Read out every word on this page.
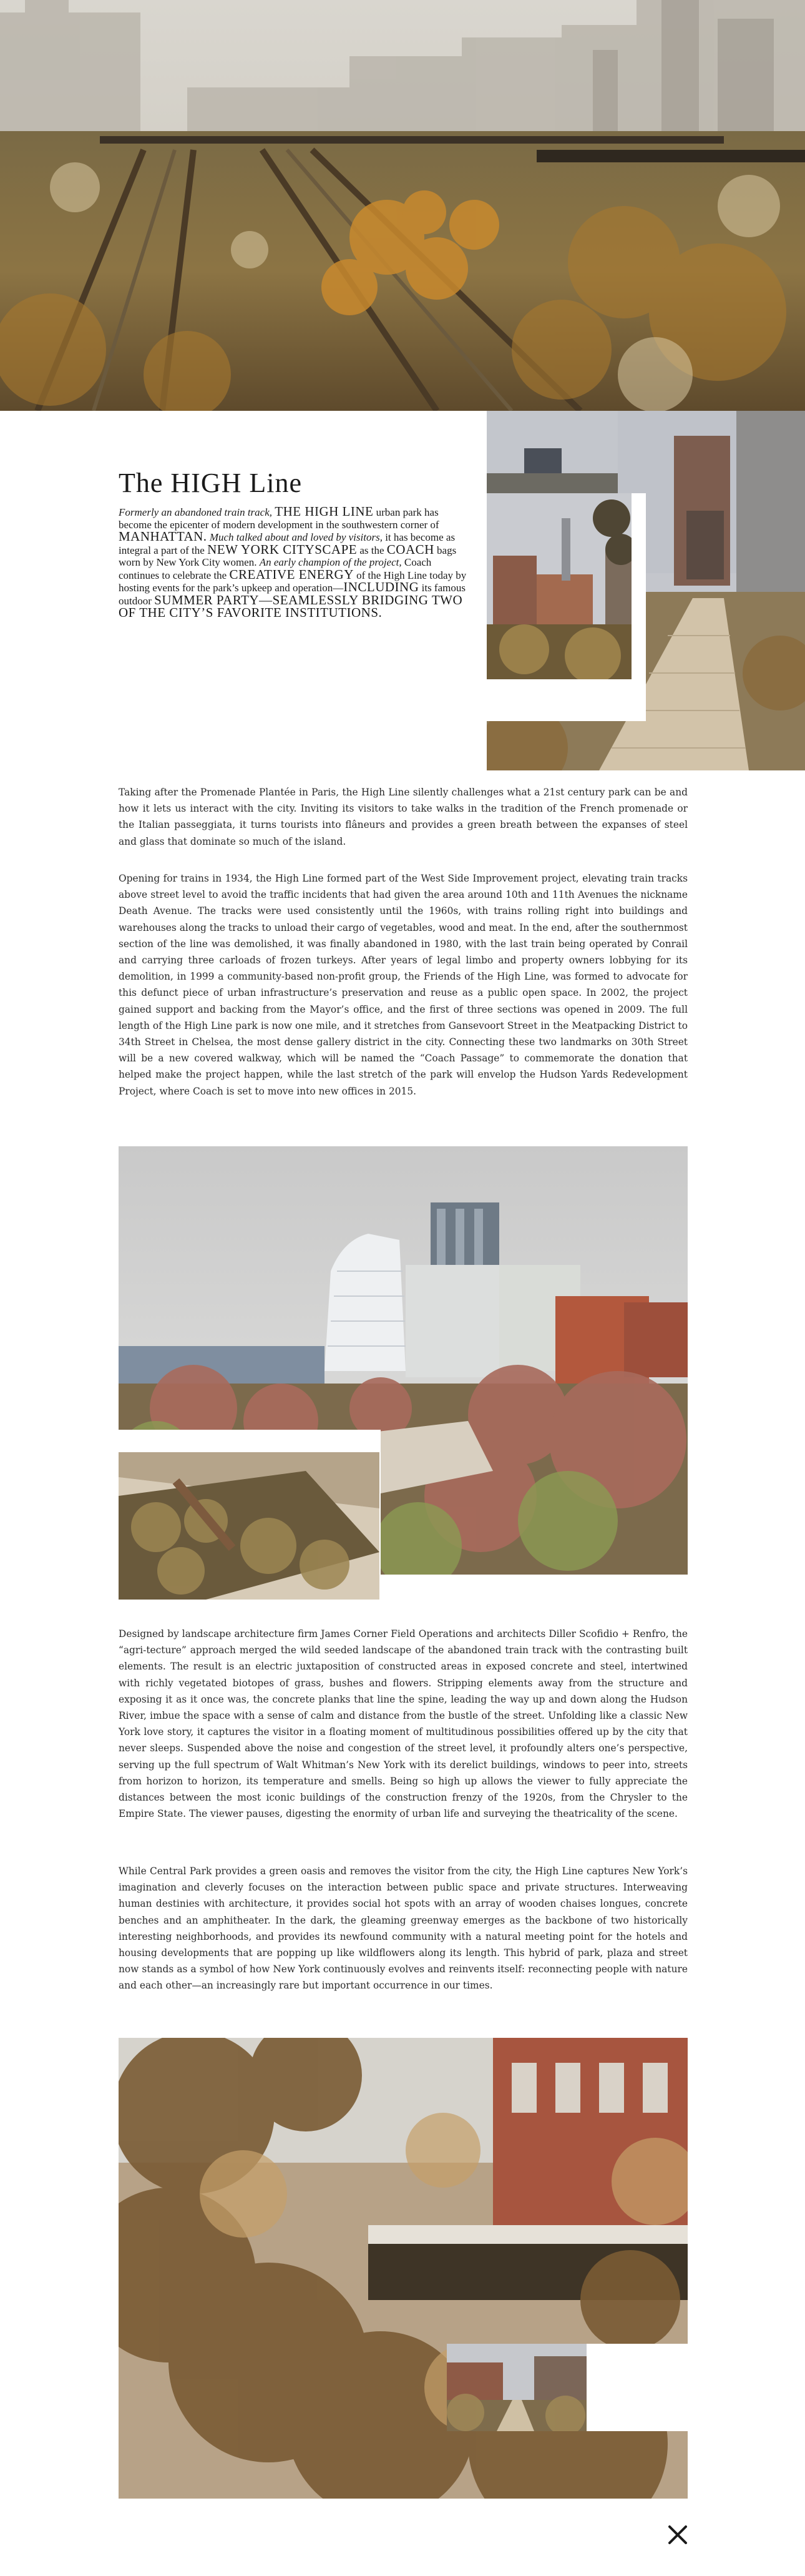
The HIGH Line
Formerly an abandoned train track, THE HIGH LINE urban park has become the epicenter of modern development in the southwestern corner of MANHATTAN. Much talked about and loved by visitors, it has become as integral a part of the NEW YORK CITYSCAPE as the COACH bags worn by New York City women. An early champion of the project, Coach continues to celebrate the CREATIVE ENERGY of the High Line today by hosting events for the park’s upkeep and operation—INCLUDING its famous outdoor SUMMER PARTY—SEAMLESSLY BRIDGING TWO OF THE CITY’S FAVORITE INSTITUTIONS.

Taking after the Promenade Plantée in Paris, the High Line silently challenges what a 21st century park can be and how it lets us interact with the city. Inviting its visitors to take walks in the tradition of the French promenade or the Italian passeggiata, it turns tourists into flâneurs and provides a green breath between the expanses of steel and glass that dominate so much of the island.

Opening for trains in 1934, the High Line formed part of the West Side Improvement project, elevating train tracks above street level to avoid the traffic incidents that had given the area around 10th and 11th Avenues the nickname Death Avenue. The tracks were used consistently until the 1960s, with trains rolling right into buildings and warehouses along the tracks to unload their cargo of vegetables, wood and meat. In the end, after the southernmost section of the line was demolished, it was finally abandoned in 1980, with the last train being operated by Conrail and carrying three carloads of frozen turkeys. After years of legal limbo and property owners lobbying for its demolition, in 1999 a community-based non-profit group, the Friends of the High Line, was formed to advocate for this defunct piece of urban infrastructure’s preservation and reuse as a public open space. In 2002, the project gained support and backing from the Mayor’s office, and the first of three sections was opened in 2009. The full length of the High Line park is now one mile, and it stretches from Gansevoort Street in the Meatpacking District to 34th Street in Chelsea, the most dense gallery district in the city. Connecting these two landmarks on 30th Street will be a new covered walkway, which will be named the “Coach Passage” to commemorate the donation that helped make the project happen, while the last stretch of the park will envelop the Hudson Yards Redevelopment Project, where Coach is set to move into new offices in 2015.

Designed by landscape architecture firm James Corner Field Operations and architects Diller Scofidio + Renfro, the “agri-tecture” approach merged the wild seeded landscape of the abandoned train track with the contrasting built elements. The result is an electric juxtaposition of constructed areas in exposed concrete and steel, intertwined with richly vegetated biotopes of grass, bushes and flowers. Stripping elements away from the structure and exposing it as it once was, the concrete planks that line the spine, leading the way up and down along the Hudson River, imbue the space with a sense of calm and distance from the bustle of the street. Unfolding like a classic New York love story, it captures the visitor in a floating moment of multitudinous possibilities offered up by the city that never sleeps. Suspended above the noise and congestion of the street level, it profoundly alters one’s perspective, serving up the full spectrum of Walt Whitman’s New York with its derelict buildings, windows to peer into, streets from horizon to horizon, its temperature and smells. Being so high up allows the viewer to fully appreciate the distances between the most iconic buildings of the construction frenzy of the 1920s, from the Chrysler to the Empire State. The viewer pauses, digesting the enormity of urban life and surveying the theatricality of the scene.

While Central Park provides a green oasis and removes the visitor from the city, the High Line captures New York’s imagination and cleverly focuses on the interaction between public space and private structures. Interweaving human destinies with architecture, it provides social hot spots with an array of wooden chaises longues, concrete benches and an amphitheater. In the dark, the gleaming greenway emerges as the backbone of two historically interesting neighborhoods, and provides its newfound community with a natural meeting point for the hotels and housing developments that are popping up like wildflowers along its length. This hybrid of park, plaza and street now stands as a symbol of how New York continuously evolves and reinvents itself: reconnecting people with nature and each other—an increasingly rare but important occurrence in our times.
